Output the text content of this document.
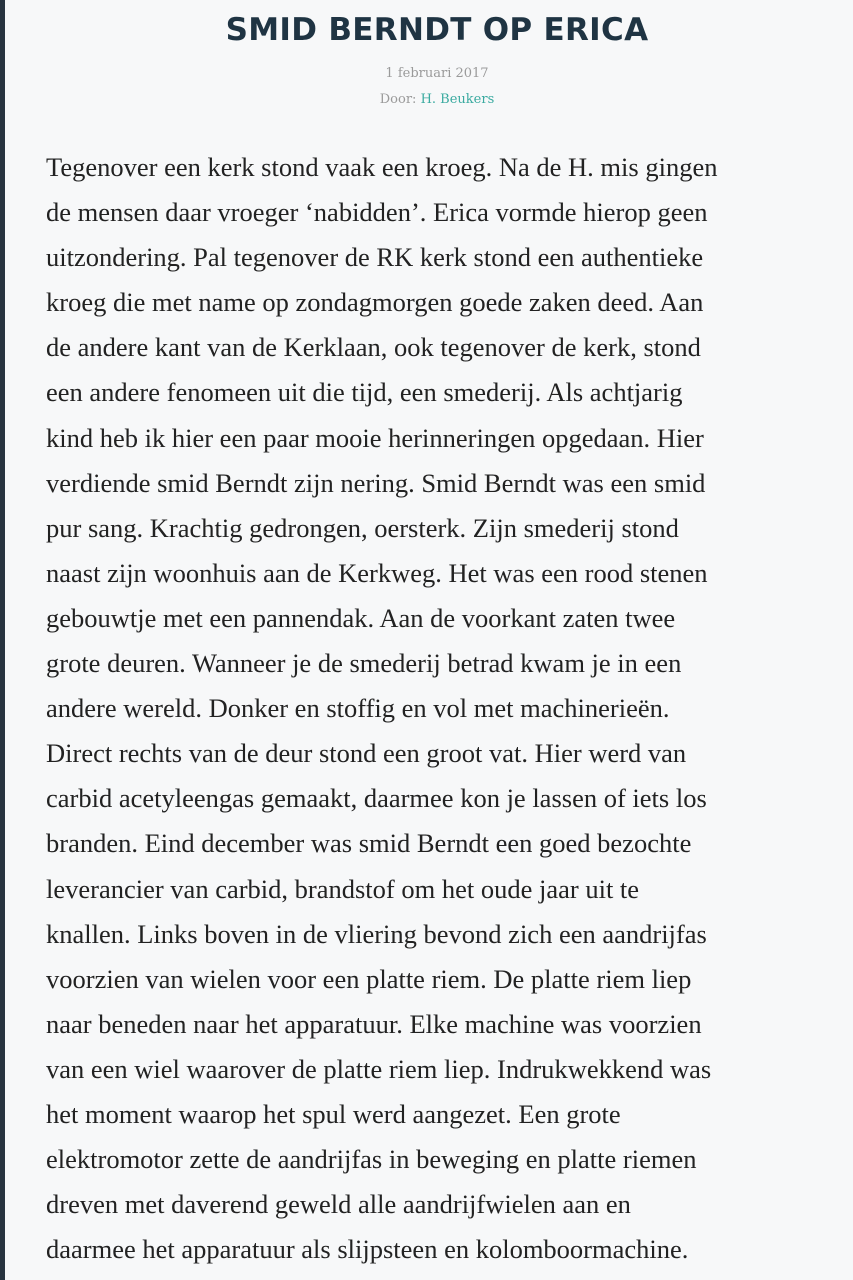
SMID BERNDT OP ERICA
1 februari 2017
Door: H. Beukers
Tegenover een kerk stond vaak een kroeg. Na de H. mis gingen
de mensen daar vroeger ‘nabidden’. Erica vormde hierop geen
uitzondering. Pal tegenover de RK kerk stond een authentieke
kroeg die met name op zondagmorgen goede zaken deed. Aan
de andere kant van de Kerklaan, ook tegenover de kerk, stond
een andere fenomeen uit die tijd, een smederij. Als achtjarig
kind heb ik hier een paar mooie herinneringen opgedaan. Hier
verdiende smid Berndt zijn nering. Smid Berndt was een smid
pur sang. Krachtig gedrongen, oersterk. Zijn smederij stond
naast zijn woonhuis aan de Kerkweg. Het was een rood stenen
gebouwtje met een pannendak. Aan de voorkant zaten twee
grote deuren. Wanneer je de smederij betrad kwam je in een
andere wereld. Donker en stoffig en vol met machinerieën.
Direct rechts van de deur stond een groot vat. Hier werd van
carbid acetyleengas gemaakt, daarmee kon je lassen of iets los
branden. Eind december was smid Berndt een goed bezochte
leverancier van carbid, brandstof om het oude jaar uit te
knallen. Links boven in de vliering bevond zich een aandrijfas
voorzien van wielen voor een platte riem. De platte riem liep
naar beneden naar het apparatuur. Elke machine was voorzien
van een wiel waarover de platte riem liep. Indrukwekkend was
het moment waarop het spul werd aangezet. Een grote
elektromotor zette de aandrijfas in beweging en platte riemen
dreven met daverend geweld alle aandrijfwielen aan en
daarmee het apparatuur als slijpsteen en kolomboormachine.
